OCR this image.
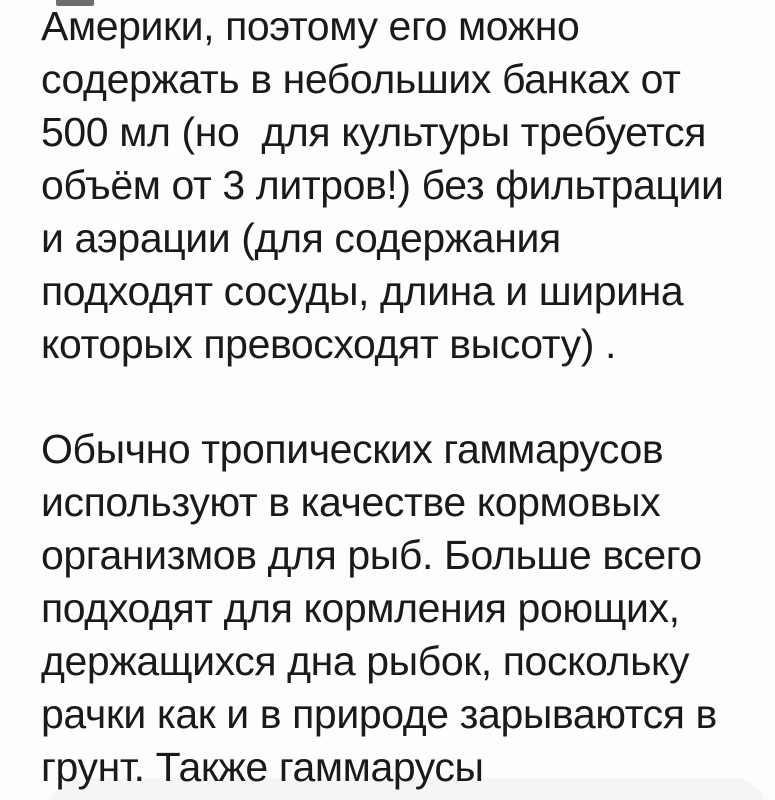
Америки, поэтому его можно
содержать в небольших банках от
500 мл (но  для культуры требуется
объём от 3 литров!) без фильтрации
и аэрации (для содержания
подходят сосуды, длина и ширина
которых превосходят высоту) .
Обычно тропических гаммарусов
используют в качестве кормовых
организмов для рыб. Больше всего
подходят для кормления роющих,
держащихся дна рыбок, поскольку
рачки как и в природе зарываются в
грунт. Также гаммарусы
